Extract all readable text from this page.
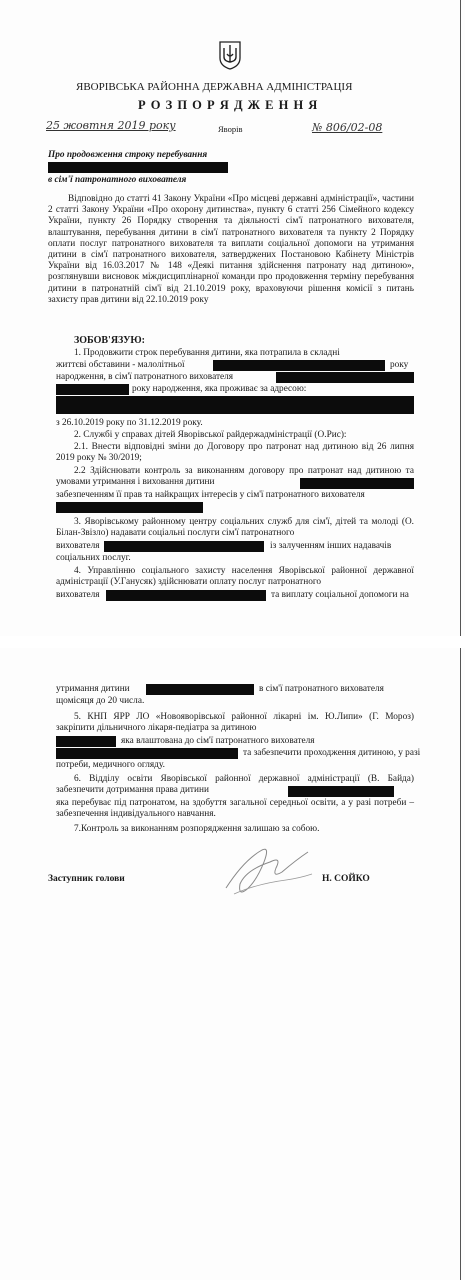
ЯВОРІВСЬКА РАЙОННА ДЕРЖАВНА АДМІНІСТРАЦІЯ
Р О З П О Р Я Д Ж Е Н Н Я
25 жовтня 2019 року	Яворів	№ 806/02-08
Про продовження строку перебування
в сім'ї патронатного вихователя
Відповідно до статті 41 Закону України «Про місцеві державні адміністрації», частини 2 статті Закону України «Про охорону дитинства», пункту 6 статті 256 Сімейного кодексу України, пункту 26 Порядку створення та діяльності сім'ї патронатного вихователя, влаштування, перебування дитини в сім'ї патронатного вихователя та пункту 2 Порядку оплати послуг патронатного вихователя та виплати соціальної допомоги на утримання дитини в сім'ї патронатного вихователя, затверджених Постановою Кабінету Міністрів України від 16.03.2017 № 148 «Деякі питання здійснення патронату над дитиною», розглянувши висновок міждисциплінарної команди про продовження терміну перебування дитини в патронатній сім'ї від 21.10.2019 року, враховуючи рішення комісії з питань захисту прав дитини від 22.10.2019 року
ЗОБОВ'ЯЗУЮ:
1. Продовжити строк перебування дитини, яка потрапила в складні
життєві обставини - малолітньої	року
народження, в сім'ї патронатного вихователя
року народження, яка проживає за адресою:
з 26.10.2019 року по 31.12.2019 року.
2. Службі у справах дітей Яворівської райдержадміністрації (О.Рис):
2.1. Внести відповідні зміни до Договору про патронат над дитиною від 26 липня 2019 року № 30/2019;
2.2 Здійснювати контроль за виконанням договору про патронат над дитиною та умовами утримання і виховання дитини
забезпеченням її прав та найкращих інтересів у сім'ї патронатного вихователя
3. Яворівському районному центру соціальних служб для сім'ї, дітей та молоді (О. Білан-Звізло) надавати соціальні послуги сім'ї патронатного
вихователя	із залученням інших надавачів
соціальних послуг.
4. Управлінню соціального захисту населення Яворівської районної державної адміністрації (У.Ганусяк) здійснювати оплату послуг патронатного
вихователя	та виплату соціальної допомоги на
утримання дитини	в сім'ї патронатного вихователя
щомісяця до 20 числа.
5. КНП ЯРР ЛО «Новояворівської районної лікарні ім. Ю.Липи» (Г. Мороз) закріпити дільничного лікаря-педіатра за дитиною
яка влаштована до сім'ї патронатного вихователя
та забезпечити проходження дитиною, у разі
потреби, медичного огляду.
6. Відділу освіти Яворівської районної державної адміністрації (В. Байда) забезпечити дотримання права дитини
яка перебуває під патронатом, на здобуття загальної середньої освіти, а у разі потреби – забезпечення індивідуального навчання.
7.Контроль за виконанням розпорядження залишаю за собою.
Заступник голови	Н. СОЙКО
